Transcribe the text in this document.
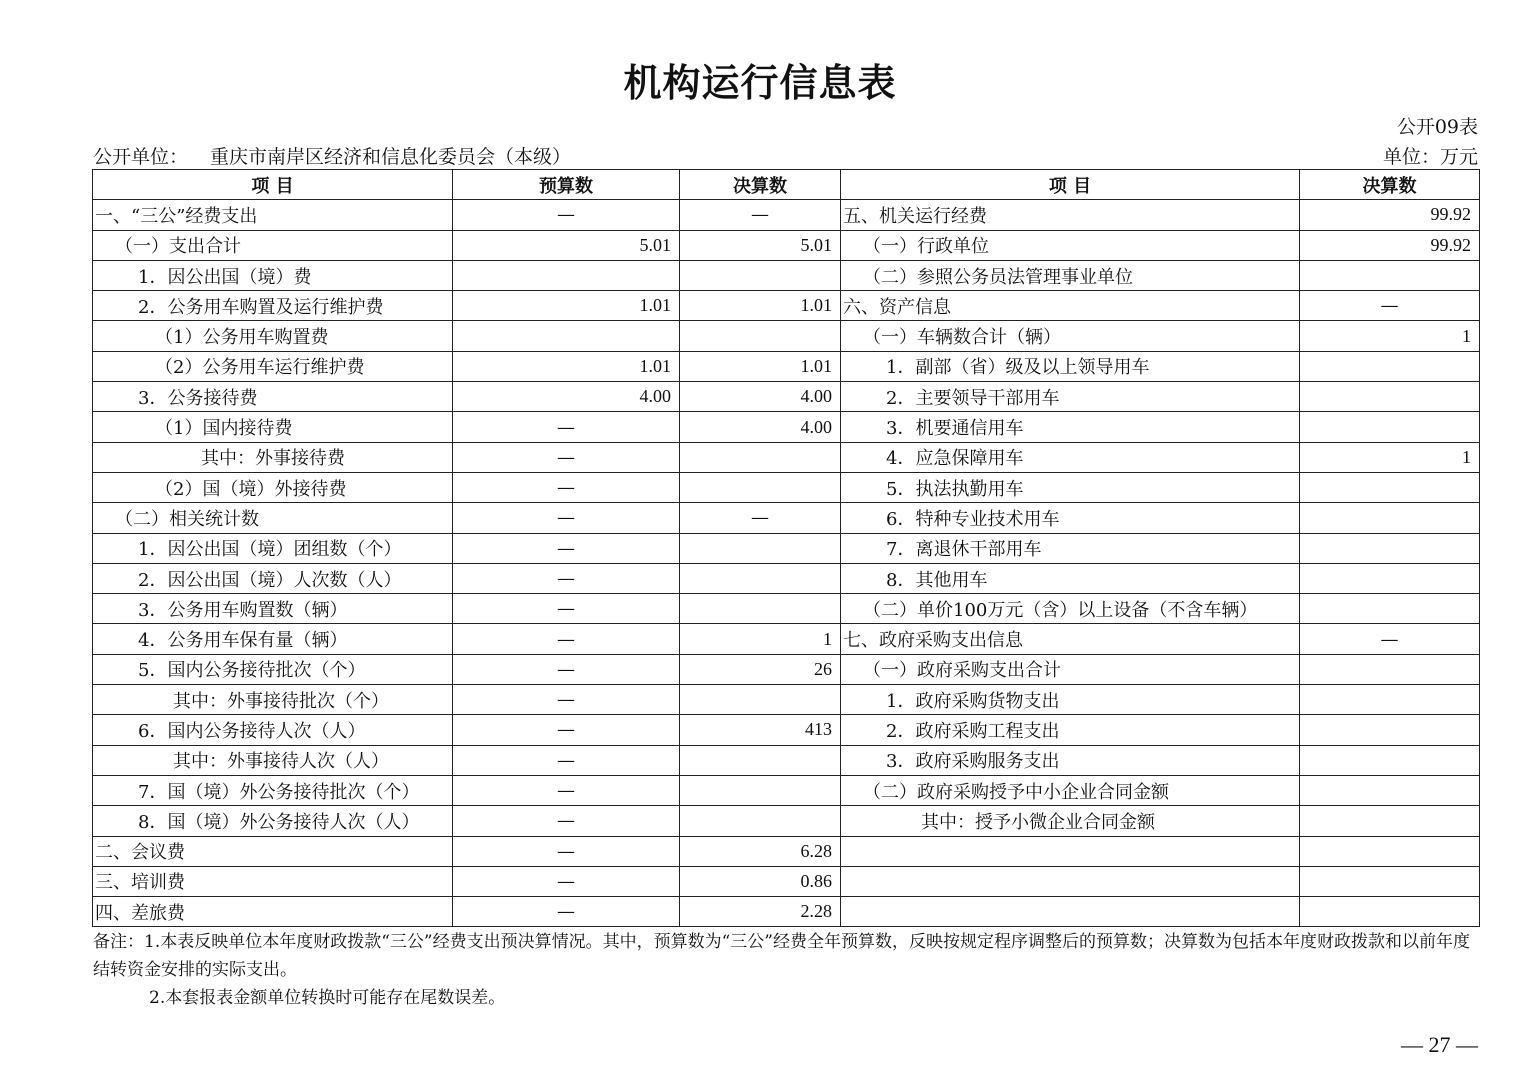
机构运行信息表
公开09表
公开单位： 重庆市南岸区经济和信息化委员会（本级）	单位：万元
项 目	预算数	决算数	项 目	决算数
一、“三公”经费支出	—	—	五、机关运行经费	99.92
（一）支出合计	5.01	5.01	（一）行政单位	99.92
1．因公出国（境）费			（二）参照公务员法管理事业单位	
2．公务用车购置及运行维护费	1.01	1.01	六、资产信息	—
（1）公务用车购置费			（一）车辆数合计（辆）	1
（2）公务用车运行维护费	1.01	1.01	1．副部（省）级及以上领导用车	
3．公务接待费	4.00	4.00	2．主要领导干部用车	
（1）国内接待费	—	4.00	3．机要通信用车	
其中：外事接待费	—		4．应急保障用车	1
（2）国（境）外接待费	—		5．执法执勤用车	
（二）相关统计数	—	—	6．特种专业技术用车	
1．因公出国（境）团组数（个）	—		7．离退休干部用车	
2．因公出国（境）人次数（人）	—		8．其他用车	
3．公务用车购置数（辆）	—		（二）单价100万元（含）以上设备（不含车辆）	
4．公务用车保有量（辆）	—	1	七、政府采购支出信息	—
5．国内公务接待批次（个）	—	26	（一）政府采购支出合计	
其中：外事接待批次（个）	—		1．政府采购货物支出	
6．国内公务接待人次（人）	—	413	2．政府采购工程支出	
其中：外事接待人次（人）	—		3．政府采购服务支出	
7．国（境）外公务接待批次（个）	—		（二）政府采购授予中小企业合同金额	
8．国（境）外公务接待人次（人）	—		其中：授予小微企业合同金额	
二、会议费	—	6.28		
三、培训费	—	0.86		
四、差旅费	—	2.28		
备注：1.本表反映单位本年度财政拨款“三公”经费支出预决算情况。其中，预算数为“三公”经费全年预算数，反映按规定程序调整后的预算数；决算数为包括本年度财政拨款和以前年度结转资金安排的实际支出。
2.本套报表金额单位转换时可能存在尾数误差。
— 27 —
